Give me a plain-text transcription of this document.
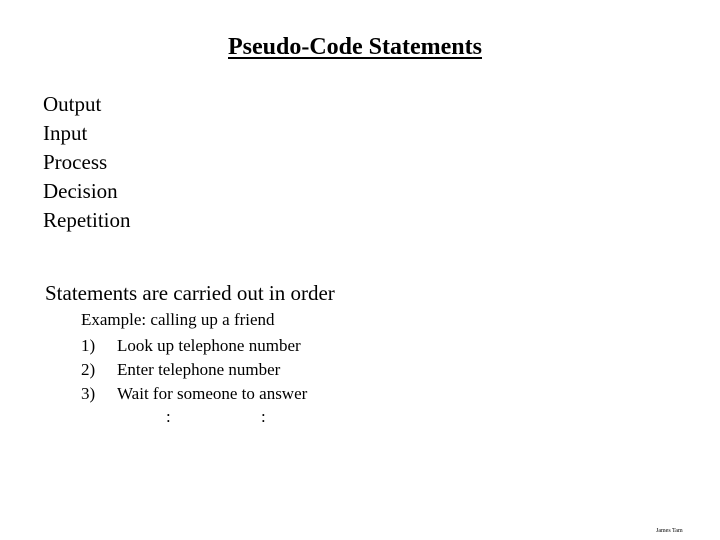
Pseudo-Code Statements
Output
Input
Process
Decision
Repetition
Statements are carried out in order
Example: calling up a friend
1)	Look up telephone number
2)	Enter telephone number
3)	Wait for someone to answer
:	:
James Tam
